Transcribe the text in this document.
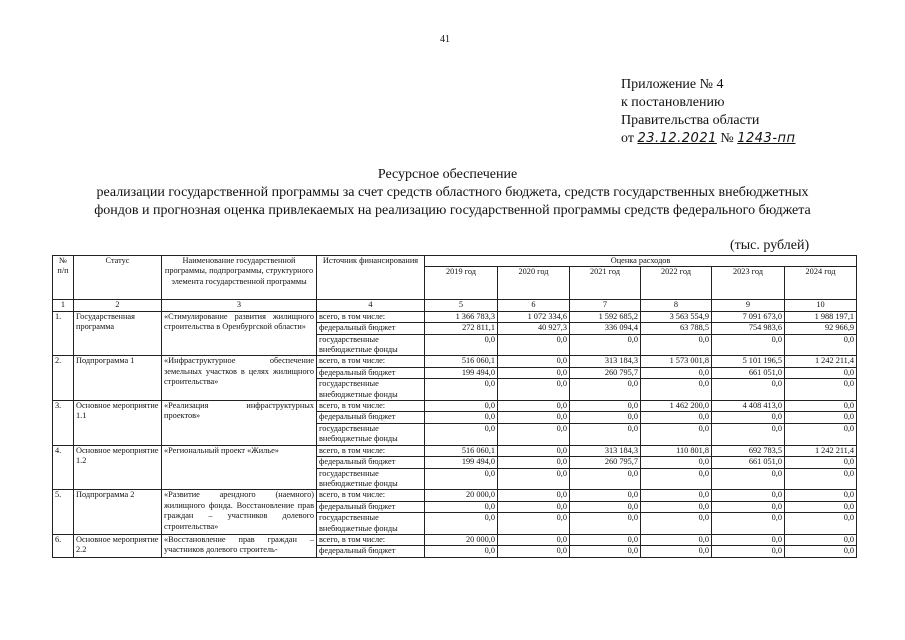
41
Приложение № 4
к постановлению
Правительства области
от 23.12.2021 № 1243-пп
Ресурсное обеспечение
реализации государственной программы за счет средств областного бюджета, средств государственных внебюджетных
фондов и прогнозная оценка привлекаемых на реализацию государственной программы средств федерального бюджета
(тыс. рублей)
№ п/п	Статус	Наименование государственной программы, подпрограммы, структурного элемента государственной программы	Источник финансирования	Оценка расходов					
				2019 год	2020 год	2021 год	2022 год	2023 год	2024 год
1	2	3	4	5	6	7	8	9	10
1.	Государственная программа	«Стимулирование развития жилищного строительства в Оренбургской области»	всего, в том числе:	1 366 783,3	1 072 334,6	1 592 685,2	3 563 554,9	7 091 673,0	1 988 197,1
			федеральный бюджет	272 811,1	40 927,3	336 094,4	63 788,5	754 983,6	92 966,9
			государственные внебюджетные фонды	0,0	0,0	0,0	0,0	0,0	0,0
2.	Подпрограмма 1	«Инфраструктурное обеспечение земельных участков в целях жилищного строительства»	всего, в том числе:	516 060,1	0,0	313 184,3	1 573 001,8	5 101 196,5	1 242 211,4
			федеральный бюджет	199 494,0	0,0	260 795,7	0,0	661 051,0	0,0
			государственные внебюджетные фонды	0,0	0,0	0,0	0,0	0,0	0,0
3.	Основное мероприятие 1.1	«Реализация инфраструктурных проектов»	всего, в том числе:	0,0	0,0	0,0	1 462 200,0	4 408 413,0	0,0
			федеральный бюджет	0,0	0,0	0,0	0,0	0,0	0,0
			государственные внебюджетные фонды	0,0	0,0	0,0	0,0	0,0	0,0
4.	Основное мероприятие 1.2	«Региональный проект «Жилье»	всего, в том числе:	516 060,1	0,0	313 184,3	110 801,8	692 783,5	1 242 211,4
			федеральный бюджет	199 494,0	0,0	260 795,7	0,0	661 051,0	0,0
			государственные внебюджетные фонды	0,0	0,0	0,0	0,0	0,0	0,0
5.	Подпрограмма 2	«Развитие арендного (наемного) жилищного фонда. Восстановление прав граждан – участников долевого строительства»	всего, в том числе:	20 000,0	0,0	0,0	0,0	0,0	0,0
			федеральный бюджет	0,0	0,0	0,0	0,0	0,0	0,0
			государственные внебюджетные фонды	0,0	0,0	0,0	0,0	0,0	0,0
6.	Основное мероприятие 2.2	«Восстановление прав граждан – участников долевого строитель-	всего, в том числе:	20 000,0	0,0	0,0	0,0	0,0	0,0
			федеральный бюджет	0,0	0,0	0,0	0,0	0,0	0,0
